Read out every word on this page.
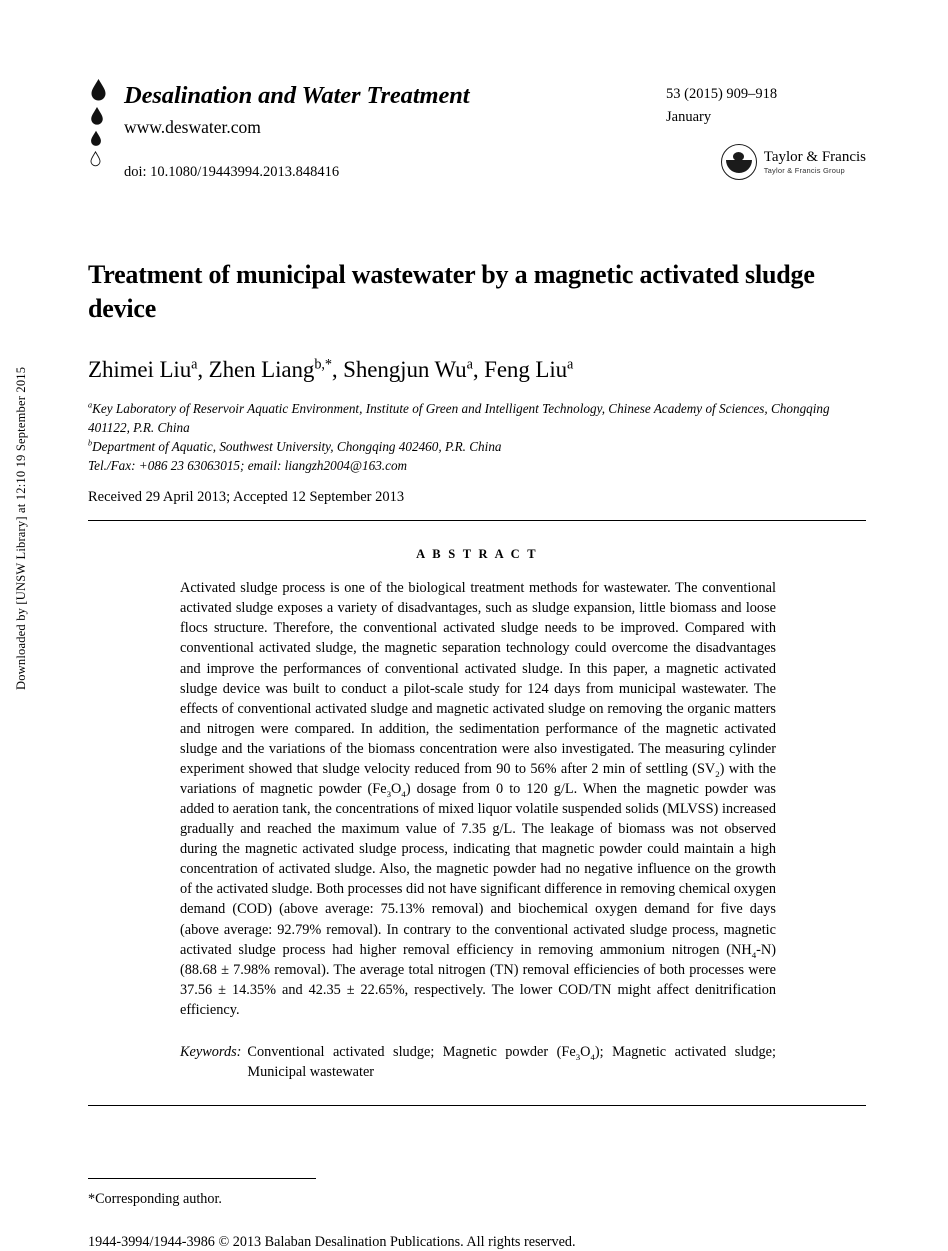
Downloaded by [UNSW Library] at 12:10 19 September 2015
Desalination and Water Treatment
www.deswater.com
doi: 10.1080/19443994.2013.848416
53 (2015) 909–918
January
Taylor & Francis
Taylor & Francis Group
Treatment of municipal wastewater by a magnetic activated sludge device
Zhimei Liu$^a$, Zhen Liang$^{b,*}$, Shengjun Wu$^a$, Feng Liu$^a$
$^a$Key Laboratory of Reservoir Aquatic Environment, Institute of Green and Intelligent Technology, Chinese Academy of Sciences, Chongqing 401122, P.R. China
$^b$Department of Aquatic, Southwest University, Chongqing 402460, P.R. China
Tel./Fax: +086 23 63063015; email: liangzh2004@163.com
Received 29 April 2013; Accepted 12 September 2013
A B S T R A C T
Activated sludge process is one of the biological treatment methods for wastewater. The conventional activated sludge exposes a variety of disadvantages, such as sludge expansion, little biomass and loose flocs structure. Therefore, the conventional activated sludge needs to be improved. Compared with conventional activated sludge, the magnetic separation technology could overcome the disadvantages and improve the performances of conventional activated sludge. In this paper, a magnetic activated sludge device was built to conduct a pilot-scale study for 124 days from municipal wastewater. The effects of conventional activated sludge and magnetic activated sludge on removing the organic matters and nitrogen were compared. In addition, the sedimentation performance of the magnetic activated sludge and the variations of the biomass concentration were also investigated. The measuring cylinder experiment showed that sludge velocity reduced from 90 to 56% after 2 min of settling $(SV_2)$ with the variations of magnetic powder $(Fe_3O_4)$ dosage from 0 to 120 g/L. When the magnetic powder was added to aeration tank, the concentrations of mixed liquor volatile suspended solids (MLVSS) increased gradually and reached the maximum value of 7.35 g/L. The leakage of biomass was not observed during the magnetic activated sludge process, indicating that magnetic powder could maintain a high concentration of activated sludge. Also, the magnetic powder had no negative influence on the growth of the activated sludge. Both processes did not have significant difference in removing chemical oxygen demand (COD) (above average: 75.13% removal) and biochemical oxygen demand for five days (above average: 92.79% removal). In contrary to the conventional activated sludge process, magnetic activated sludge process had higher removal efficiency in removing ammonium nitrogen $(NH_4-N) (88.68 \pm 7.98\%$ removal). The average total nitrogen (TN) removal efficiencies of both processes were 37.56 ± 14.35% and 42.35 ± 22.65%, respectively. The lower COD/TN might affect denitrification efficiency.
Keywords: Conventional activated sludge; Magnetic powder $(Fe_3O_4)$; Magnetic activated sludge; Municipal wastewater
*Corresponding author.
1944-3994/1944-3986 © 2013 Balaban Desalination Publications. All rights reserved.
